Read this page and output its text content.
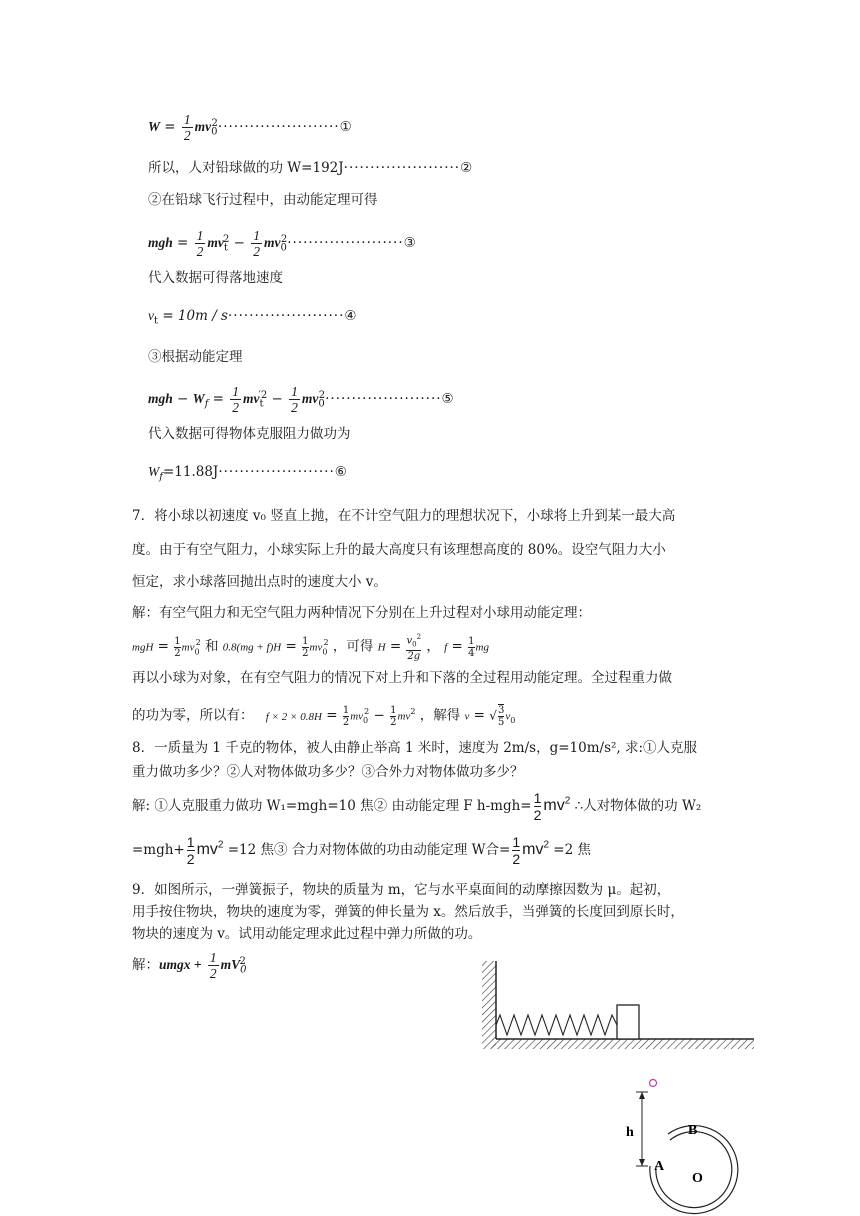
$W = \frac{1}{2}$ $mv_0^2\cdot\cdot\cdot\cdot\cdot\cdot\cdot\cdot\cdot\cdot\cdot\cdot\cdot\cdot\cdot\cdot\cdot\cdot\cdot\cdot\cdot\cdot\cdot ①$
所以，人对铅球做的功 W=192J······················②
②在铅球飞行过程中，由动能定理可得
mgh = $\frac{1}{2} mv_t^2 - \frac{1}{2}$ $mv_0^2\cdot\cdot\cdot\cdot\cdot\cdot\cdot\cdot\cdot\cdot\cdot\cdot\cdot\cdot\cdot\cdot\cdot\cdot\cdot\cdot\cdot\cdot ③$
代入数据可得落地速度
$v_t = 10m$ / s······················④
③根据动能定理
mgh − $W_f = \frac{1}{2} mv_t^{'2} - \frac{1}{2}$ $mv_0^2\cdot\cdot\cdot\cdot\cdot\cdot\cdot\cdot\cdot\cdot\cdot\cdot\cdot\cdot\cdot\cdot\cdot\cdot\cdot\cdot\cdot\cdot ⑤$
代入数据可得物体克服阻力做功为
$W_f=11.88J\cdot\cdot\cdot\cdot\cdot\cdot\cdot\cdot\cdot\cdot\cdot\cdot\cdot\cdot\cdot\cdot\cdot\cdot\cdot\cdot\cdot\cdot ⑥$
7．将小球以初速度 v₀ 竖直上抛，在不计空气阻力的理想状况下，小球将上升到某一最大高
度。由于有空气阻力，小球实际上升的最大高度只有该理想高度的 80%。设空气阻力大小
恒定，求小球落回抛出点时的速度大小 v。
解：有空气阻力和无空气阻力两种情况下分别在上升过程对小球用动能定理：
mgH = $\frac{1}{2} mv_0^2$ 和 $0.8(mg + f)H = \frac{1}{2} mv_0^2$ ，可得 $H = \frac{v_0^2}{2g}$ ， $f = \frac{1}{4}$ mg
再以小球为对象，在有空气阻力的情况下对上升和下落的全过程用动能定理。全过程重力做
的功为零，所以有： $f \times 2 \times 0.8H = \frac{1}{2} mv_0^2 - \frac{1}{2} mv^2$ ，解得 v = √ $\frac{3}{5} v_0$
8．一质量为 1 千克的物体，被人由静止举高 1 米时，速度为 2m/s，g=10m/s², 求:①人克服
重力做功多少？②人对物体做功多少？③合外力对物体做功多少？
解: ①人克服重力做功 W₁=mgh=10 焦② 由动能定理 F $h-mgh= \frac{1}{2} mv^2$ ∴人对物体做的功 W₂
$=mgh+ \frac{1}{2} mv^2 =12$ 焦③ 合力对物体做的功由动能定理 W合= $\frac{1}{2} mv^2 =2$ 焦
9．如图所示，一弹簧振子，物块的质量为 m，它与水平桌面间的动摩擦因数为 μ。起初，
用手按住物块，物块的速度为零，弹簧的伸长量为 x。然后放手，当弹簧的长度回到原长时，
物块的速度为 v。试用动能定理求此过程中弹力所做的功。
解：umgx + $\frac{1}{2} mV_0^2$
h
A
B
O
